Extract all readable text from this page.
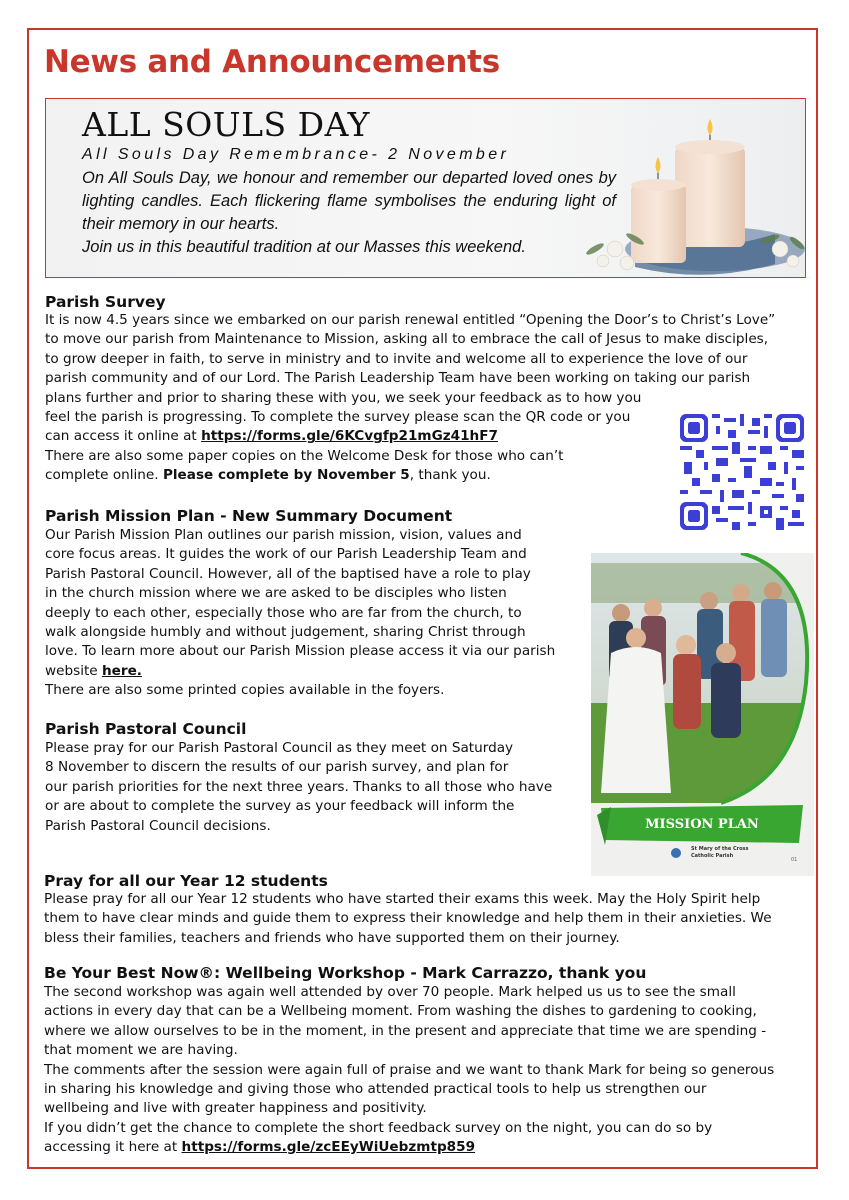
News and Announcements
ALL SOULS DAY
All Souls Day Remembrance- 2 November

On All Souls Day, we honour and remember our departed loved ones by lighting candles. Each flickering flame symbolises the enduring light of their memory in our hearts.
Join us in this beautiful tradition at our Masses this weekend.

Parish Survey
It is now 4.5 years since we embarked on our parish renewal entitled “Opening the Door’s to Christ’s Love”
to move our parish from Maintenance to Mission, asking all to embrace the call of Jesus to make disciples,
to grow deeper in faith, to serve in ministry and to invite and welcome all to experience the love of our
parish community and of our Lord. The Parish Leadership Team have been working on taking our parish
plans further and prior to sharing these with you, we seek your feedback as to how you
feel the parish is progressing. To complete the survey please scan the QR code or you
can access it online at https://forms.gle/6KCvgfp21mGz41hF7
There are also some paper copies on the Welcome Desk for those who can’t
complete online. Please complete by November 5, thank you.
Parish Mission Plan - New Summary Document
Our Parish Mission Plan outlines our parish mission, vision, values and
core focus areas. It guides the work of our Parish Leadership Team and
Parish Pastoral Council. However, all of the baptised have a role to play
in the church mission where we are asked to be disciples who listen
deeply to each other, especially those who are far from the church, to
walk alongside humbly and without judgement, sharing Christ through
love. To learn more about our Parish Mission please access it via our parish
website here.
There are also some printed copies available in the foyers.
MISSION PLAN
St Mary of the Cross
Catholic Parish
01
Parish Pastoral Council
Please pray for our Parish Pastoral Council as they meet on Saturday
8 November to discern the results of our parish survey, and plan for
our parish priorities for the next three years. Thanks to all those who have
or are about to complete the survey as your feedback will inform the
Parish Pastoral Council decisions.
Pray for all our Year 12 students
Please pray for all our Year 12 students who have started their exams this week. May the Holy Spirit help
them to have clear minds and guide them to express their knowledge and help them in their anxieties. We
bless their families, teachers and friends who have supported them on their journey.
Be Your Best Now®: Wellbeing Workshop - Mark Carrazzo, thank you
The second workshop was again well attended by over 70 people. Mark helped us us to see the small
actions in every day that can be a Wellbeing moment. From washing the dishes to gardening to cooking,
where we allow ourselves to be in the moment, in the present and appreciate that time we are spending -
that moment we are having.
The comments after the session were again full of praise and we want to thank Mark for being so generous
in sharing his knowledge and giving those who attended practical tools to help us strengthen our
wellbeing and live with greater happiness and positivity.
If you didn’t get the chance to complete the short feedback survey on the night, you can do so by
accessing it here at https://forms.gle/zcEEyWiUebzmtp859
